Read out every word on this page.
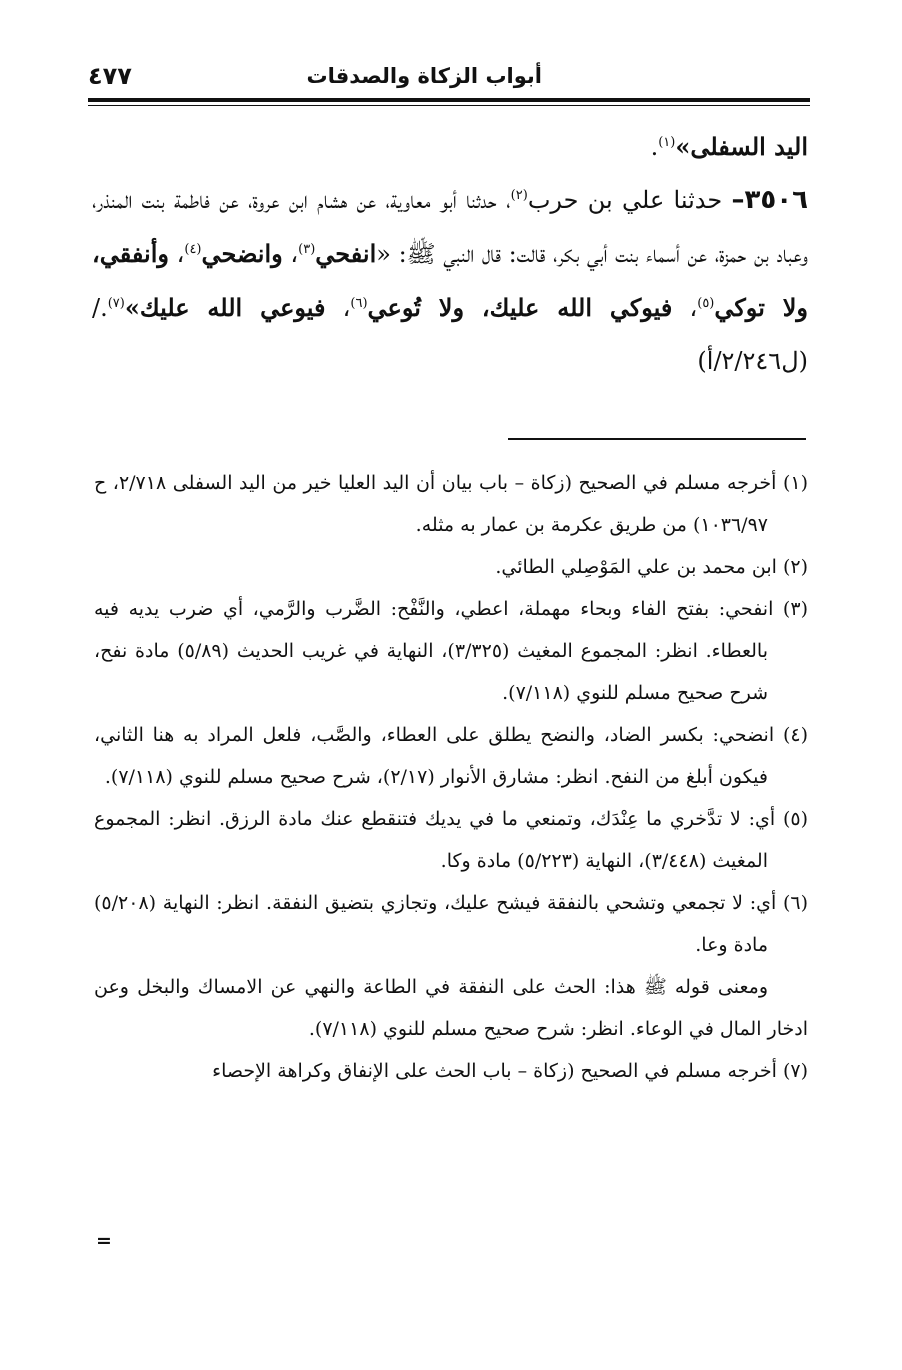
أبواب الزكاة والصدقات
٤٧٧

اليد السفلى»$^{(١)}$.

٣٥٠٦– حدثنا علي بن حرب$^{(٢)}$، حدثنا أبو معاوية، عن هشام ابن عروة، عن فاطمة بنت المنذر، وعباد بن حمزة، عن أسماء بنت أبي بكر، قالت: قال النبي ﷺ: «انفحي$^{(٣)}$، وانضحي$^{(٤)}$، وأنفقي، ولا توكي$^{(٥)}$، فيوكي الله عليك، ولا تُوعي$^{(٦)}$، فيوعي الله عليك»$^{(٧)}$./ (ل٢/٢٤٦/أ)

(١) أخرجه مسلم في الصحيح (زكاة – باب بيان أن اليد العليا خير من اليد السفلى ٢/٧١٨، ح ١٠٣٦/٩٧) من طريق عكرمة بن عمار به مثله.

(٢) ابن محمد بن علي المَوْصِلي الطائي.

(٣) انفحي: بفتح الفاء وبحاء مهملة، اعطي، والنَّفْح: الضَّرب والرَّمي، أي ضرب يديه فيه بالعطاء. انظر: المجموع المغيث (٣/٣٢٥)، النهاية في غريب الحديث (٥/٨٩) مادة نفح، شرح صحيح مسلم للنوي (٧/١١٨).

(٤) انضحي: بكسر الضاد، والنضح يطلق على العطاء، والصَّب، فلعل المراد به هنا الثاني، فيكون أبلغ من النفح. انظر: مشارق الأنوار (٢/١٧)، شرح صحيح مسلم للنوي (٧/١١٨).

(٥) أي: لا تدَّخري ما عِنْدَك، وتمنعي ما في يديك فتنقطع عنك مادة الرزق. انظر: المجموع المغيث (٣/٤٤٨)، النهاية (٥/٢٢٣) مادة وكا.

(٦) أي: لا تجمعي وتشحي بالنفقة فيشح عليك، وتجازي بتضيق النفقة. انظر: النهاية (٥/٢٠٨) مادة وعا.

ومعنى قوله ﷺ هذا: الحث على النفقة في الطاعة والنهي عن الامساك والبخل وعن ادخار المال في الوعاء. انظر: شرح صحيح مسلم للنوي (٧/١١٨).

(٧) أخرجه مسلم في الصحيح (زكاة – باب الحث على الإنفاق وكراهة الإحصاء

=
